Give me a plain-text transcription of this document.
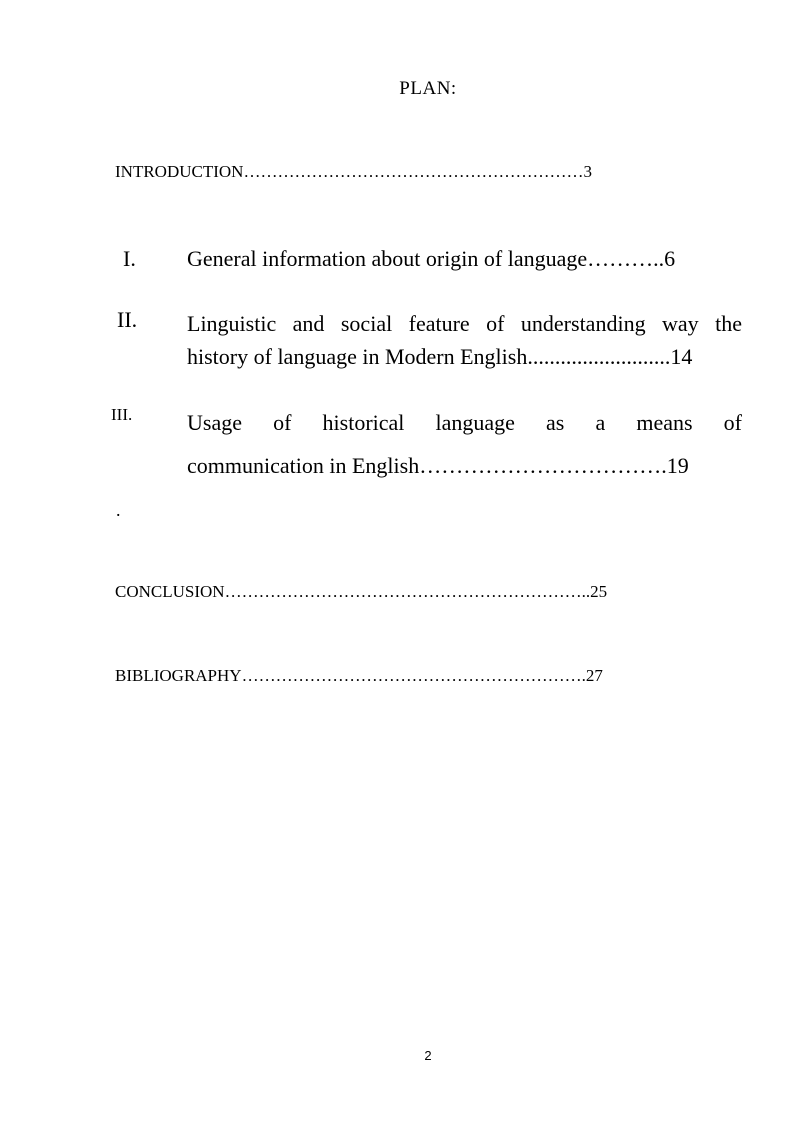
PLAN:
INTRODUCTION……………………………………………………3
I. General information about origin of language………..6
II. Linguistic and social feature of understanding way the
history of language in Modern English..........................14
III. Usage of historical language as a means of
communication in English…………………………….19
.
CONCLUSION………………………………………………………..25
BIBLIOGRAPHY…………………………………………………….27
2
